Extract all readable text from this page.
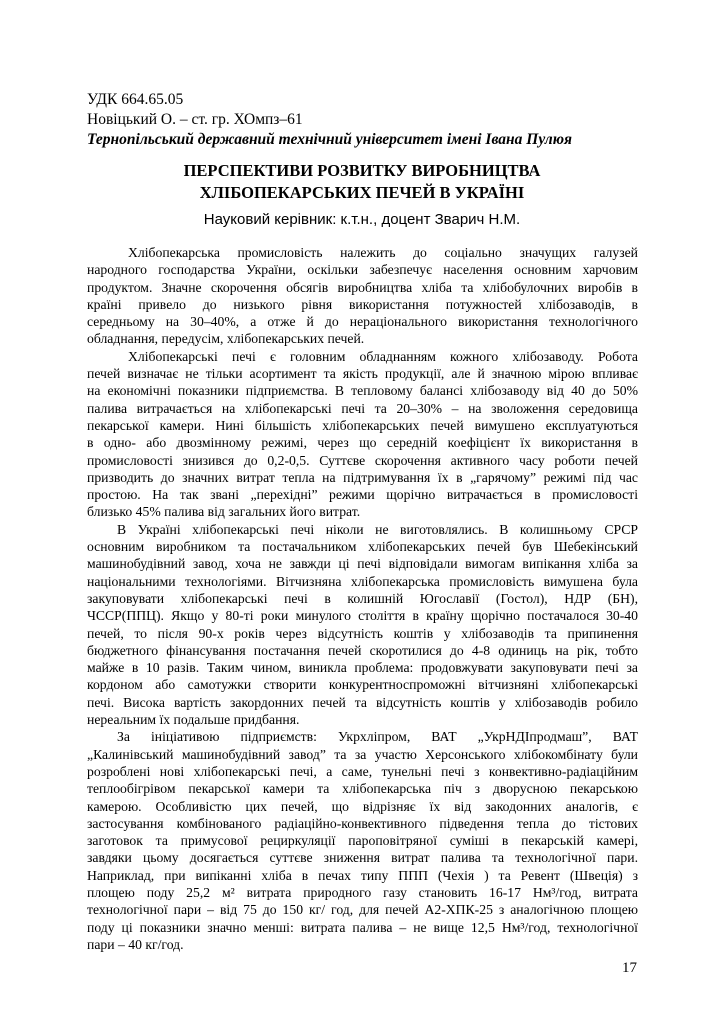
УДК 664.65.05
Новіцький О. – ст. гр. ХОмпз–61
Тернопільський державний технічний університет імені Івана Пулюя
ПЕРСПЕКТИВИ РОЗВИТКУ ВИРОБНИЦТВА
ХЛІБОПЕКАРСЬКИХ ПЕЧЕЙ В УКРАЇНІ
Науковий керівник: к.т.н., доцент Зварич Н.М.
Хлібопекарська промисловість належить до соціально значущих галузей
народного господарства України, оскільки забезпечує населення основним харчовим
продуктом. Значне скорочення обсягів виробництва хліба та хлібобулочних виробів в
країні привело до низького рівня використання потужностей хлібозаводів, в
середньому на 30–40%, а отже й до нераціонального використання технологічного
обладнання, передусім, хлібопекарських печей.
Хлібопекарські печі є головним обладнанням кожного хлібозаводу. Робота
печей визначає не тільки асортимент та якість продукції, але й значною мірою впливає
на економічні показники підприємства. В тепловому балансі хлібозаводу від 40 до 50%
палива витрачається на хлібопекарські печі та 20–30% – на зволоження середовища
пекарської камери. Нині більшість хлібопекарських печей вимушено експлуатуються
в одно- або двозмінному режимі, через що середній коефіцієнт їх використання в
промисловості знизився до 0,2-0,5. Суттєве скорочення активного часу роботи печей
призводить до значних витрат тепла на підтримування їх в „гарячому” режимі під час
простою. На так звані „перехідні” режими щорічно витрачається в промисловості
близько 45% палива від загальних його витрат.
В Україні хлібопекарські печі ніколи не виготовлялись. В колишньому СРСР
основним виробником та постачальником хлібопекарських печей був Шебекінський
машинобудівний завод, хоча не завжди ці печі відповідали вимогам випікання хліба за
національними технологіями. Вітчизняна хлібопекарська промисловість вимушена була
закуповувати хлібопекарські печі в колишній Югославії (Гостол), НДР (БН),
ЧССР(ППЦ). Якщо у 80-ті роки минулого століття в країну щорічно постачалося 30-40
печей, то після 90-х років через відсутність коштів у хлібозаводів та припинення
бюджетного фінансування постачання печей скоротилися до 4-8 одиниць на рік, тобто
майже в 10 разів. Таким чином, виникла проблема: продовжувати закуповувати печі за
кордоном або самотужки створити конкурентноспроможні вітчизняні хлібопекарські
печі. Висока вартість закордонних печей та відсутність коштів у хлібозаводів робило
нереальним їх подальше придбання.
За ініціативою підприємств: Укрхліпром, ВАТ „УкрНДІпродмаш”, ВАТ
„Калинівський машинобудівний завод” та за участю Херсонського хлібокомбінату були
розроблені нові хлібопекарські печі, а саме, тунельні печі з конвективно-радіаційним
теплообігрівом пекарської камери та хлібопекарська піч з дворусною пекарською
камерою. Особливістю цих печей, що відрізняє їх від закодонних аналогів, є
застосування комбінованого радіаційно-конвективного підведення тепла до тістових
заготовок та примусової рециркуляції пароповітряної суміші в пекарській камері,
завдяки цьому досягається суттєве зниження витрат палива та технологічної пари.
Наприклад, при випіканні хліба в печах типу ППП (Чехія ) та Ревент (Швеція) з
площею поду 25,2 м² витрата природного газу становить 16-17 Нм³/год, витрата
технологічної пари – від 75 до 150 кг/ год, для печей А2-ХПК-25 з аналогічною площею
поду ці показники значно менші: витрата палива – не вище 12,5 Нм³/год, технологічної
пари – 40 кг/год.
17
